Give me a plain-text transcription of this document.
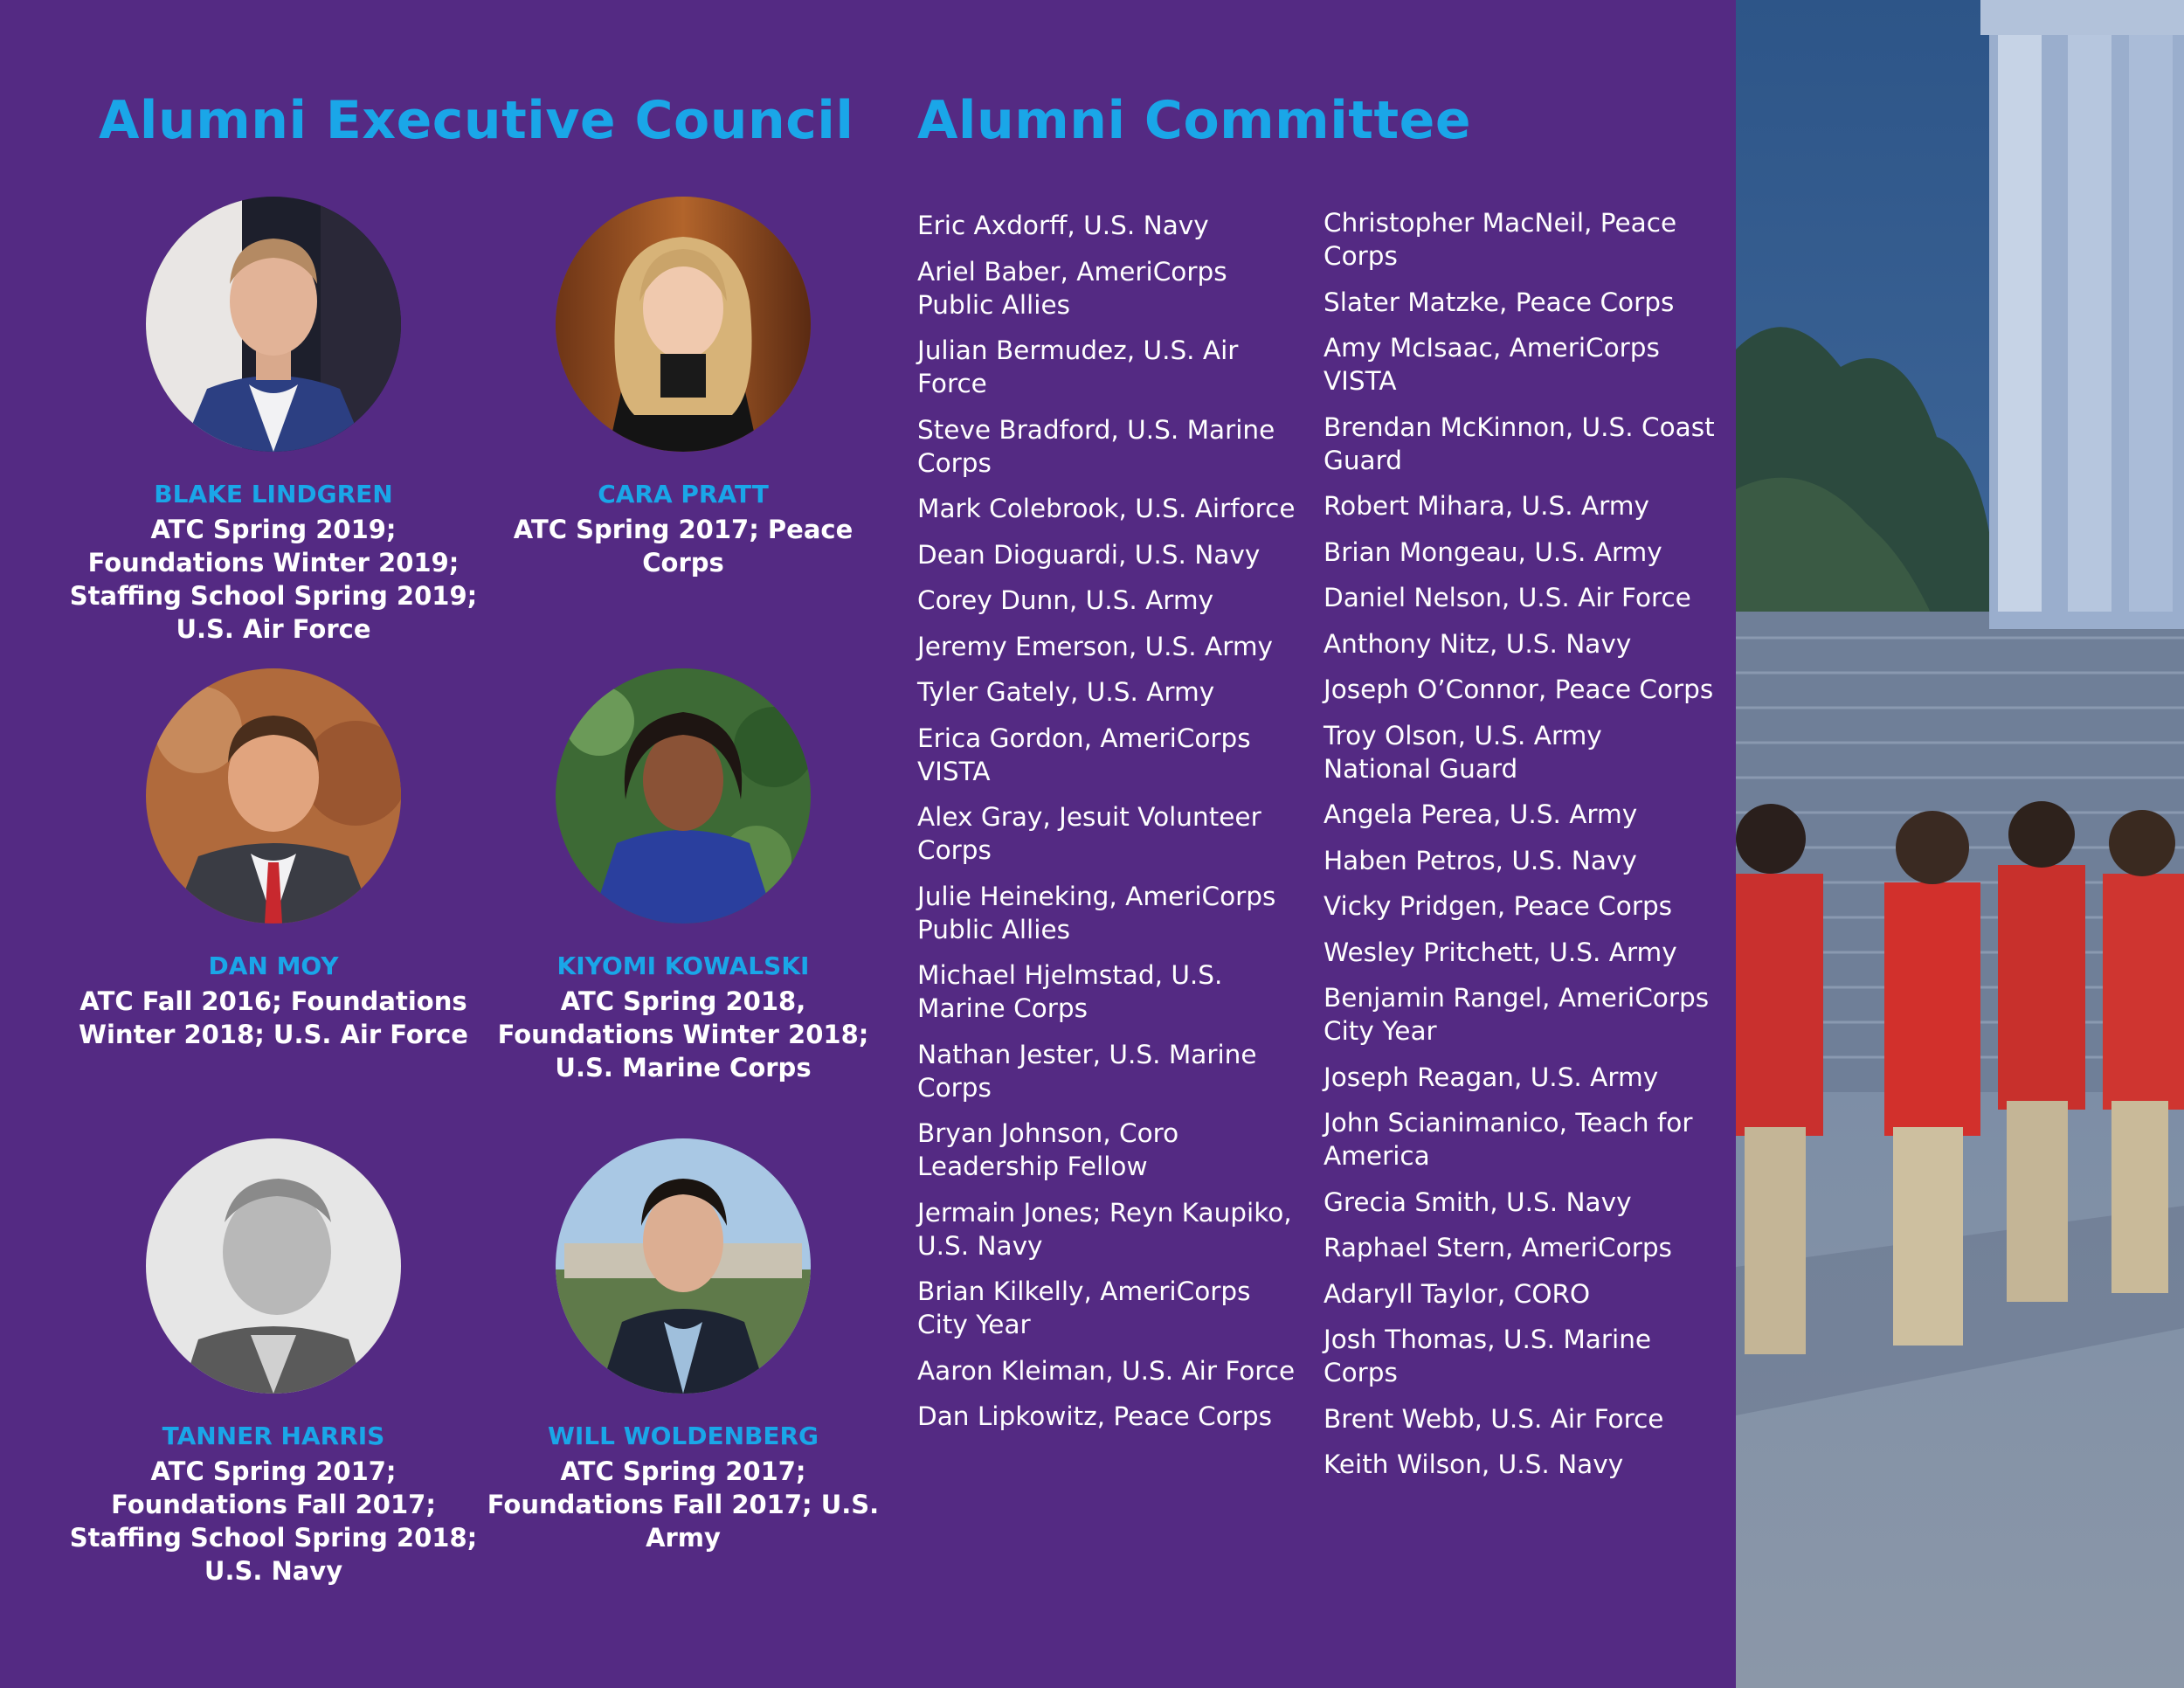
Alumni Executive Council Alumni Committee
BLAKE LINDGREN
ATC Spring 2019; Foundations Winter 2019; Staffing School Spring 2019; U.S. Air Force
CARA PRATT
ATC Spring 2017; Peace Corps
DAN MOY
ATC Fall 2016; Foundations Winter 2018; U.S. Air Force
KIYOMI KOWALSKI
ATC Spring 2018, Foundations Winter 2018; U.S. Marine Corps
TANNER HARRIS
ATC Spring 2017; Foundations Fall 2017; Staffing School Spring 2018; U.S. Navy
WILL WOLDENBERG
ATC Spring 2017; Foundations Fall 2017; U.S. Army
Eric Axdorff, U.S. Navy
Ariel Baber, AmeriCorps Public Allies
Julian Bermudez, U.S. Air Force
Steve Bradford, U.S. Marine Corps
Mark Colebrook, U.S. Airforce
Dean Dioguardi, U.S. Navy
Corey Dunn, U.S. Army
Jeremy Emerson, U.S. Army
Tyler Gately, U.S. Army
Erica Gordon, AmeriCorps VISTA
Alex Gray, Jesuit Volunteer Corps
Julie Heineking, AmeriCorps Public Allies
Michael Hjelmstad, U.S. Marine Corps
Nathan Jester, U.S. Marine Corps
Bryan Johnson, Coro Leadership Fellow
Jermain Jones; Reyn Kaupiko, U.S. Navy
Brian Kilkelly, AmeriCorps City Year
Aaron Kleiman, U.S. Air Force
Dan Lipkowitz, Peace Corps
Christopher MacNeil, Peace Corps
Slater Matzke, Peace Corps
Amy McIsaac, AmeriCorps VISTA
Brendan McKinnon, U.S. Coast Guard
Robert Mihara, U.S. Army
Brian Mongeau, U.S. Army
Daniel Nelson, U.S. Air Force
Anthony Nitz, U.S. Navy
Joseph O’Connor, Peace Corps
Troy Olson, U.S. Army National Guard
Angela Perea, U.S. Army
Haben Petros, U.S. Navy
Vicky Pridgen, Peace Corps
Wesley Pritchett, U.S. Army
Benjamin Rangel, AmeriCorps City Year
Joseph Reagan, U.S. Army
John Scianimanico, Teach for America
Grecia Smith, U.S. Navy
Raphael Stern, AmeriCorps
Adaryll Taylor, CORO
Josh Thomas, U.S. Marine Corps
Brent Webb, U.S. Air Force
Keith Wilson, U.S. Navy
